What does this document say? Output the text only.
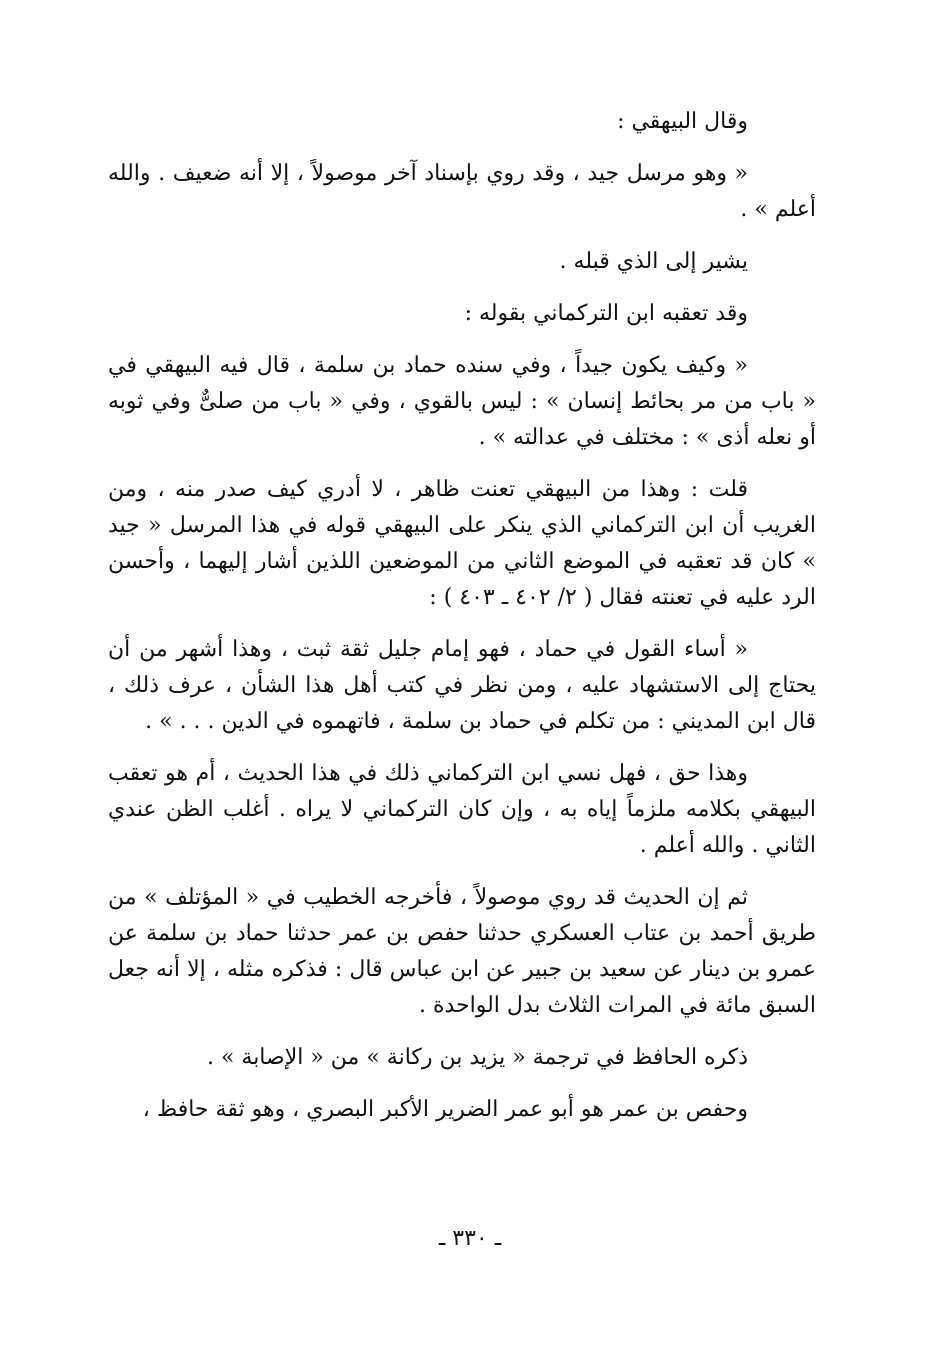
وقال البيهقي :

« وهو مرسل جيد ، وقد روي بإسناد آخر موصولاً ، إلا أنه ضعيف . والله أعلم » .

يشير إلى الذي قبله .

وقد تعقبه ابن التركماني بقوله :

« وكيف يكون جيداً ، وفي سنده حماد بن سلمة ، قال فيه البيهقي في « باب من مر بحائط إنسان » : ليس بالقوي ، وفي « باب من صلىٌّ وفي ثوبه أو نعله أذى » : مختلف في عدالته » .

قلت : وهذا من البيهقي تعنت ظاهر ، لا أدري كيف صدر منه ، ومن الغريب أن ابن التركماني الذي ينكر على البيهقي قوله في هذا المرسل « جيد » كان قد تعقبه في الموضع الثاني من الموضعين اللذين أشار إليهما ، وأحسن الرد عليه في تعنته فقال ( ٢/ ٤٠٢ ـ ٤٠٣ ) :

« أساء القول في حماد ، فهو إمام جليل ثقة ثبت ، وهذا أشهر من أن يحتاج إلى الاستشهاد عليه ، ومن نظر في كتب أهل هذا الشأن ، عرف ذلك ، قال ابن المديني : من تكلم في حماد بن سلمة ، فاتهموه في الدين . . . » .

وهذا حق ، فهل نسي ابن التركماني ذلك في هذا الحديث ، أم هو تعقب البيهقي بكلامه ملزماً إياه به ، وإن كان التركماني لا يراه . أغلب الظن عندي الثاني . والله أعلم .

ثم إن الحديث قد روي موصولاً ، فأخرجه الخطيب في « المؤتلف » من طريق أحمد بن عتاب العسكري حدثنا حفص بن عمر حدثنا حماد بن سلمة عن عمرو بن دينار عن سعيد بن جبير عن ابن عباس قال : فذكره مثله ، إلا أنه جعل السبق مائة في المرات الثلاث بدل الواحدة .

ذكره الحافظ في ترجمة « يزيد بن ركانة » من « الإصابة » .

وحفص بن عمر هو أبو عمر الضرير الأكبر البصري ، وهو ثقة حافظ ،

ـ ٣٣٠ ـ
